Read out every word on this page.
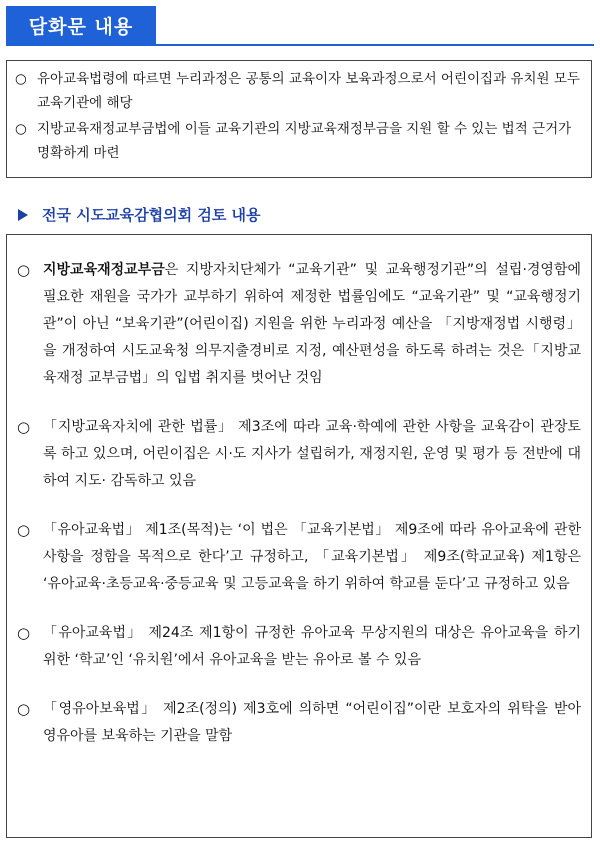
담화문 내용
○ 유아교육법령에 따르면 누리과정은 공통의 교육이자 보육과정으로서 어린이집과 유치원 모두 교육기관에 해당
○ 지방교육재정교부금법에 이들 교육기관의 지방교육재정부금을 지원 할 수 있는 법적 근거가 명확하게 마련
전국 시도교육감협의회 검토 내용
○ 지방교육재정교부금은 지방자치단체가 “교육기관” 및 교육행정기관”의 설립·경영함에 필요한 재원을 국가가 교부하기 위하여 제정한 법률임에도 “교육기관” 및 “교육행정기관”이 아닌 “보육기관”(어린이집) 지원을 위한 누리과정 예산을 「지방재정법 시행령」을 개정하여 시도교육청 의무지출경비로 지정, 예산편성을 하도록 하려는 것은「지방교육재정 교부금법」의 입법 취지를 벗어난 것임
○ 「지방교육자치에 관한 법률」 제3조에 따라 교육·학예에 관한 사항을 교육감이 관장토록 하고 있으며, 어린이집은 시·도 지사가 설립허가, 재정지원, 운영 및 평가 등 전반에 대하여 지도· 감독하고 있음
○ 「유아교육법」 제1조(목적)는 ‘이 법은 「교육기본법」 제9조에 따라 유아교육에 관한 사항을 정함을 목적으로 한다’고 규정하고, 「교육기본법」 제9조(학교교육) 제1항은 ‘유아교육·초등교육·중등교육 및 고등교육을 하기 위하여 학교를 둔다’고 규정하고 있음
○ 「유아교육법」 제24조 제1항이 규정한 유아교육 무상지원의 대상은 유아교육을 하기 위한 ‘학교’인 ‘유치원’에서 유아교육을 받는 유아로 볼 수 있음
○ 「영유아보육법」 제2조(정의) 제3호에 의하면 “어린이집”이란 보호자의 위탁을 받아 영유아를 보육하는 기관을 말함
